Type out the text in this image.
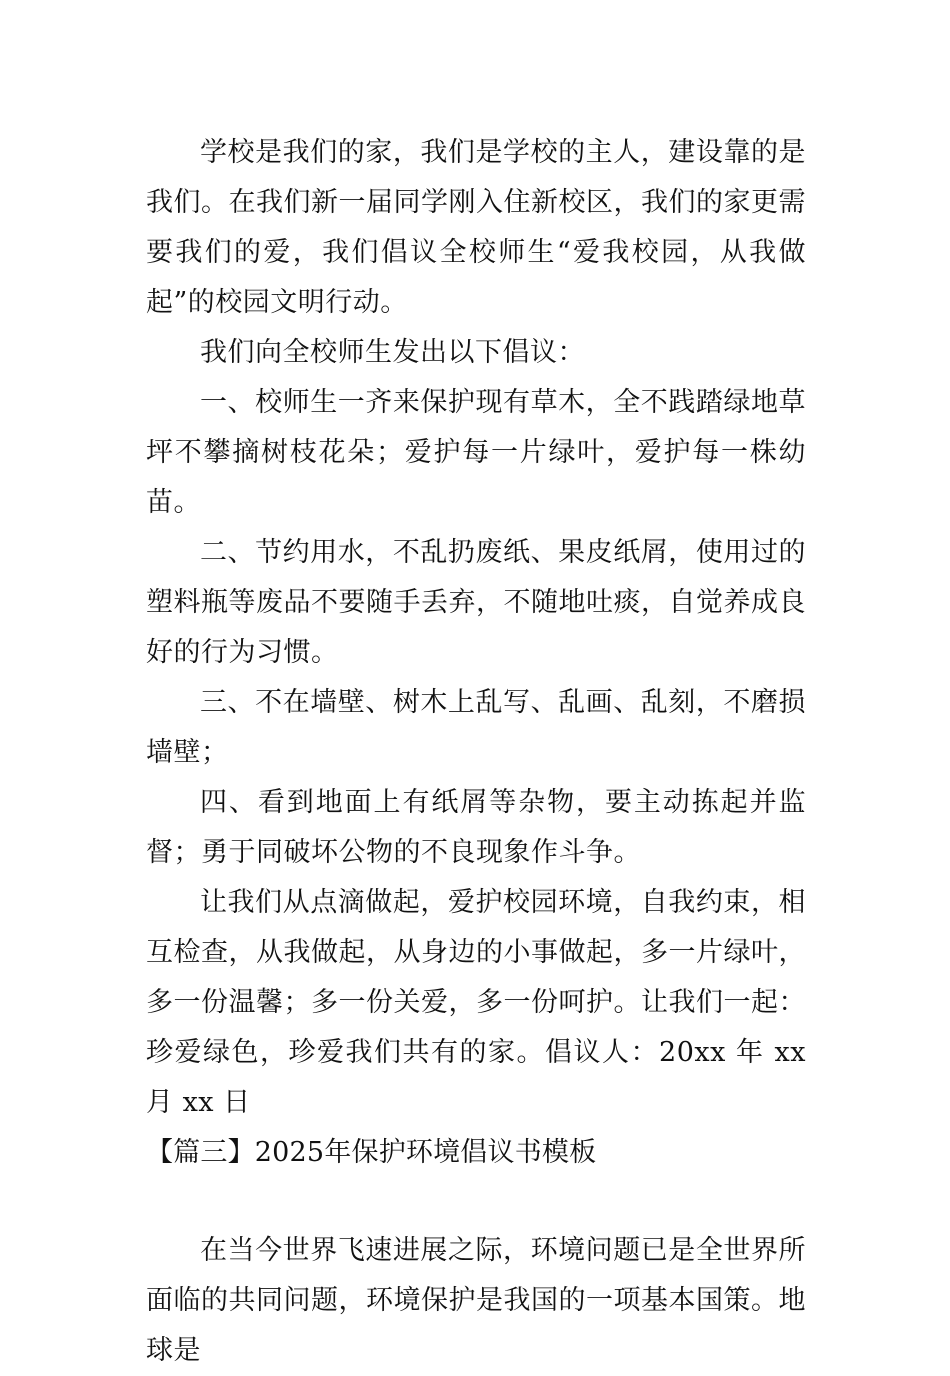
学校是我们的家，我们是学校的主人，建设靠的是我们。在我们新一届同学刚入住新校区，我们的家更需要我们的爱，我们倡议全校师生“爱我校园，从我做起”的校园文明行动。

我们向全校师生发出以下倡议：

一、校师生一齐来保护现有草木，全不践踏绿地草坪不攀摘树枝花朵；爱护每一片绿叶，爱护每一株幼苗。

二、节约用水，不乱扔废纸、果皮纸屑，使用过的塑料瓶等废品不要随手丢弃，不随地吐痰，自觉养成良好的行为习惯。

三、不在墙壁、树木上乱写、乱画、乱刻，不磨损墙壁；

四、看到地面上有纸屑等杂物，要主动拣起并监督；勇于同破坏公物的不良现象作斗争。

让我们从点滴做起，爱护校园环境，自我约束，相互检查，从我做起，从身边的小事做起，多一片绿叶，多一份温馨；多一份关爱，多一份呵护。让我们一起：珍爱绿色，珍爱我们共有的家。倡议人：20xx 年 xx 月 xx 日

【篇三】2025年保护环境倡议书模板

在当今世界飞速进展之际，环境问题已是全世界所面临的共同问题，环境保护是我国的一项基本国策。地球是
